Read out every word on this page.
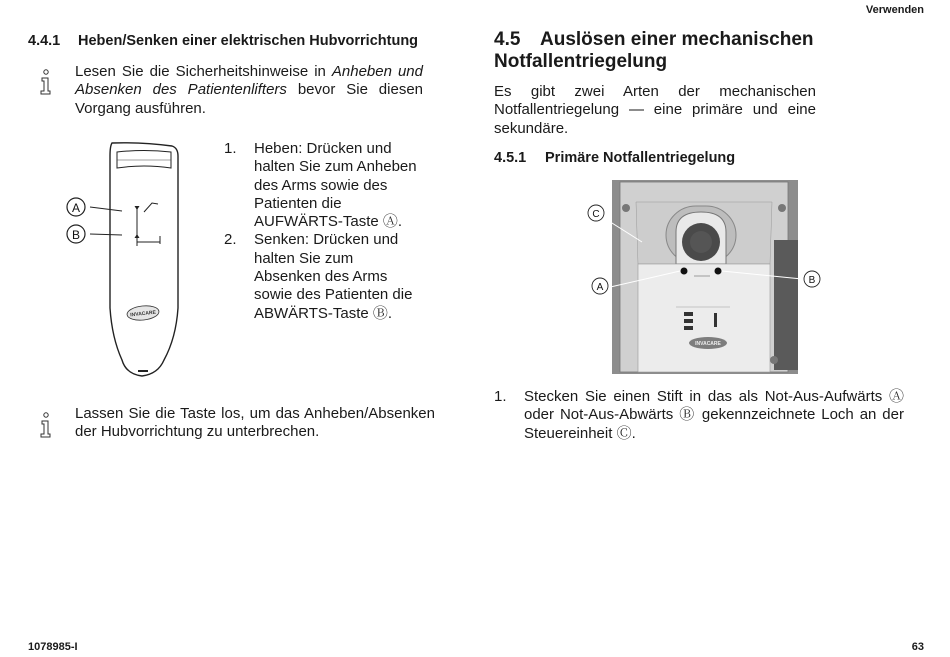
Verwenden
1078985-I	63
4.4.1 Heben/Senken einer elektrischen Hubvorrichtung
Lesen Sie die Sicherheitshinweise in Anheben und Absenken des Patientenlifters bevor Sie diesen Vorgang ausführen.
A
B
INVACARE
1. Heben: Drücken und halten Sie zum Anheben des Arms sowie des Patienten die AUFWÄRTS-Taste Ⓐ.
2. Senken: Drücken und halten Sie zum Absenken des Arms sowie des Patienten die ABWÄRTS-Taste Ⓑ.
Lassen Sie die Taste los, um das Anheben/Absenken der Hubvorrichtung zu unterbrechen.
4.5 Auslösen einer mechanischen Notfallentriegelung
Es gibt zwei Arten der mechanischen Notfallentriegelung — eine primäre und eine sekundäre.
4.5.1 Primäre Notfallentriegelung
C
A
B
INVACARE
1. Stecken Sie einen Stift in das als Not-Aus-Aufwärts Ⓐ oder Not-Aus-Abwärts Ⓑ gekennzeichnete Loch an der Steuereinheit Ⓒ.
